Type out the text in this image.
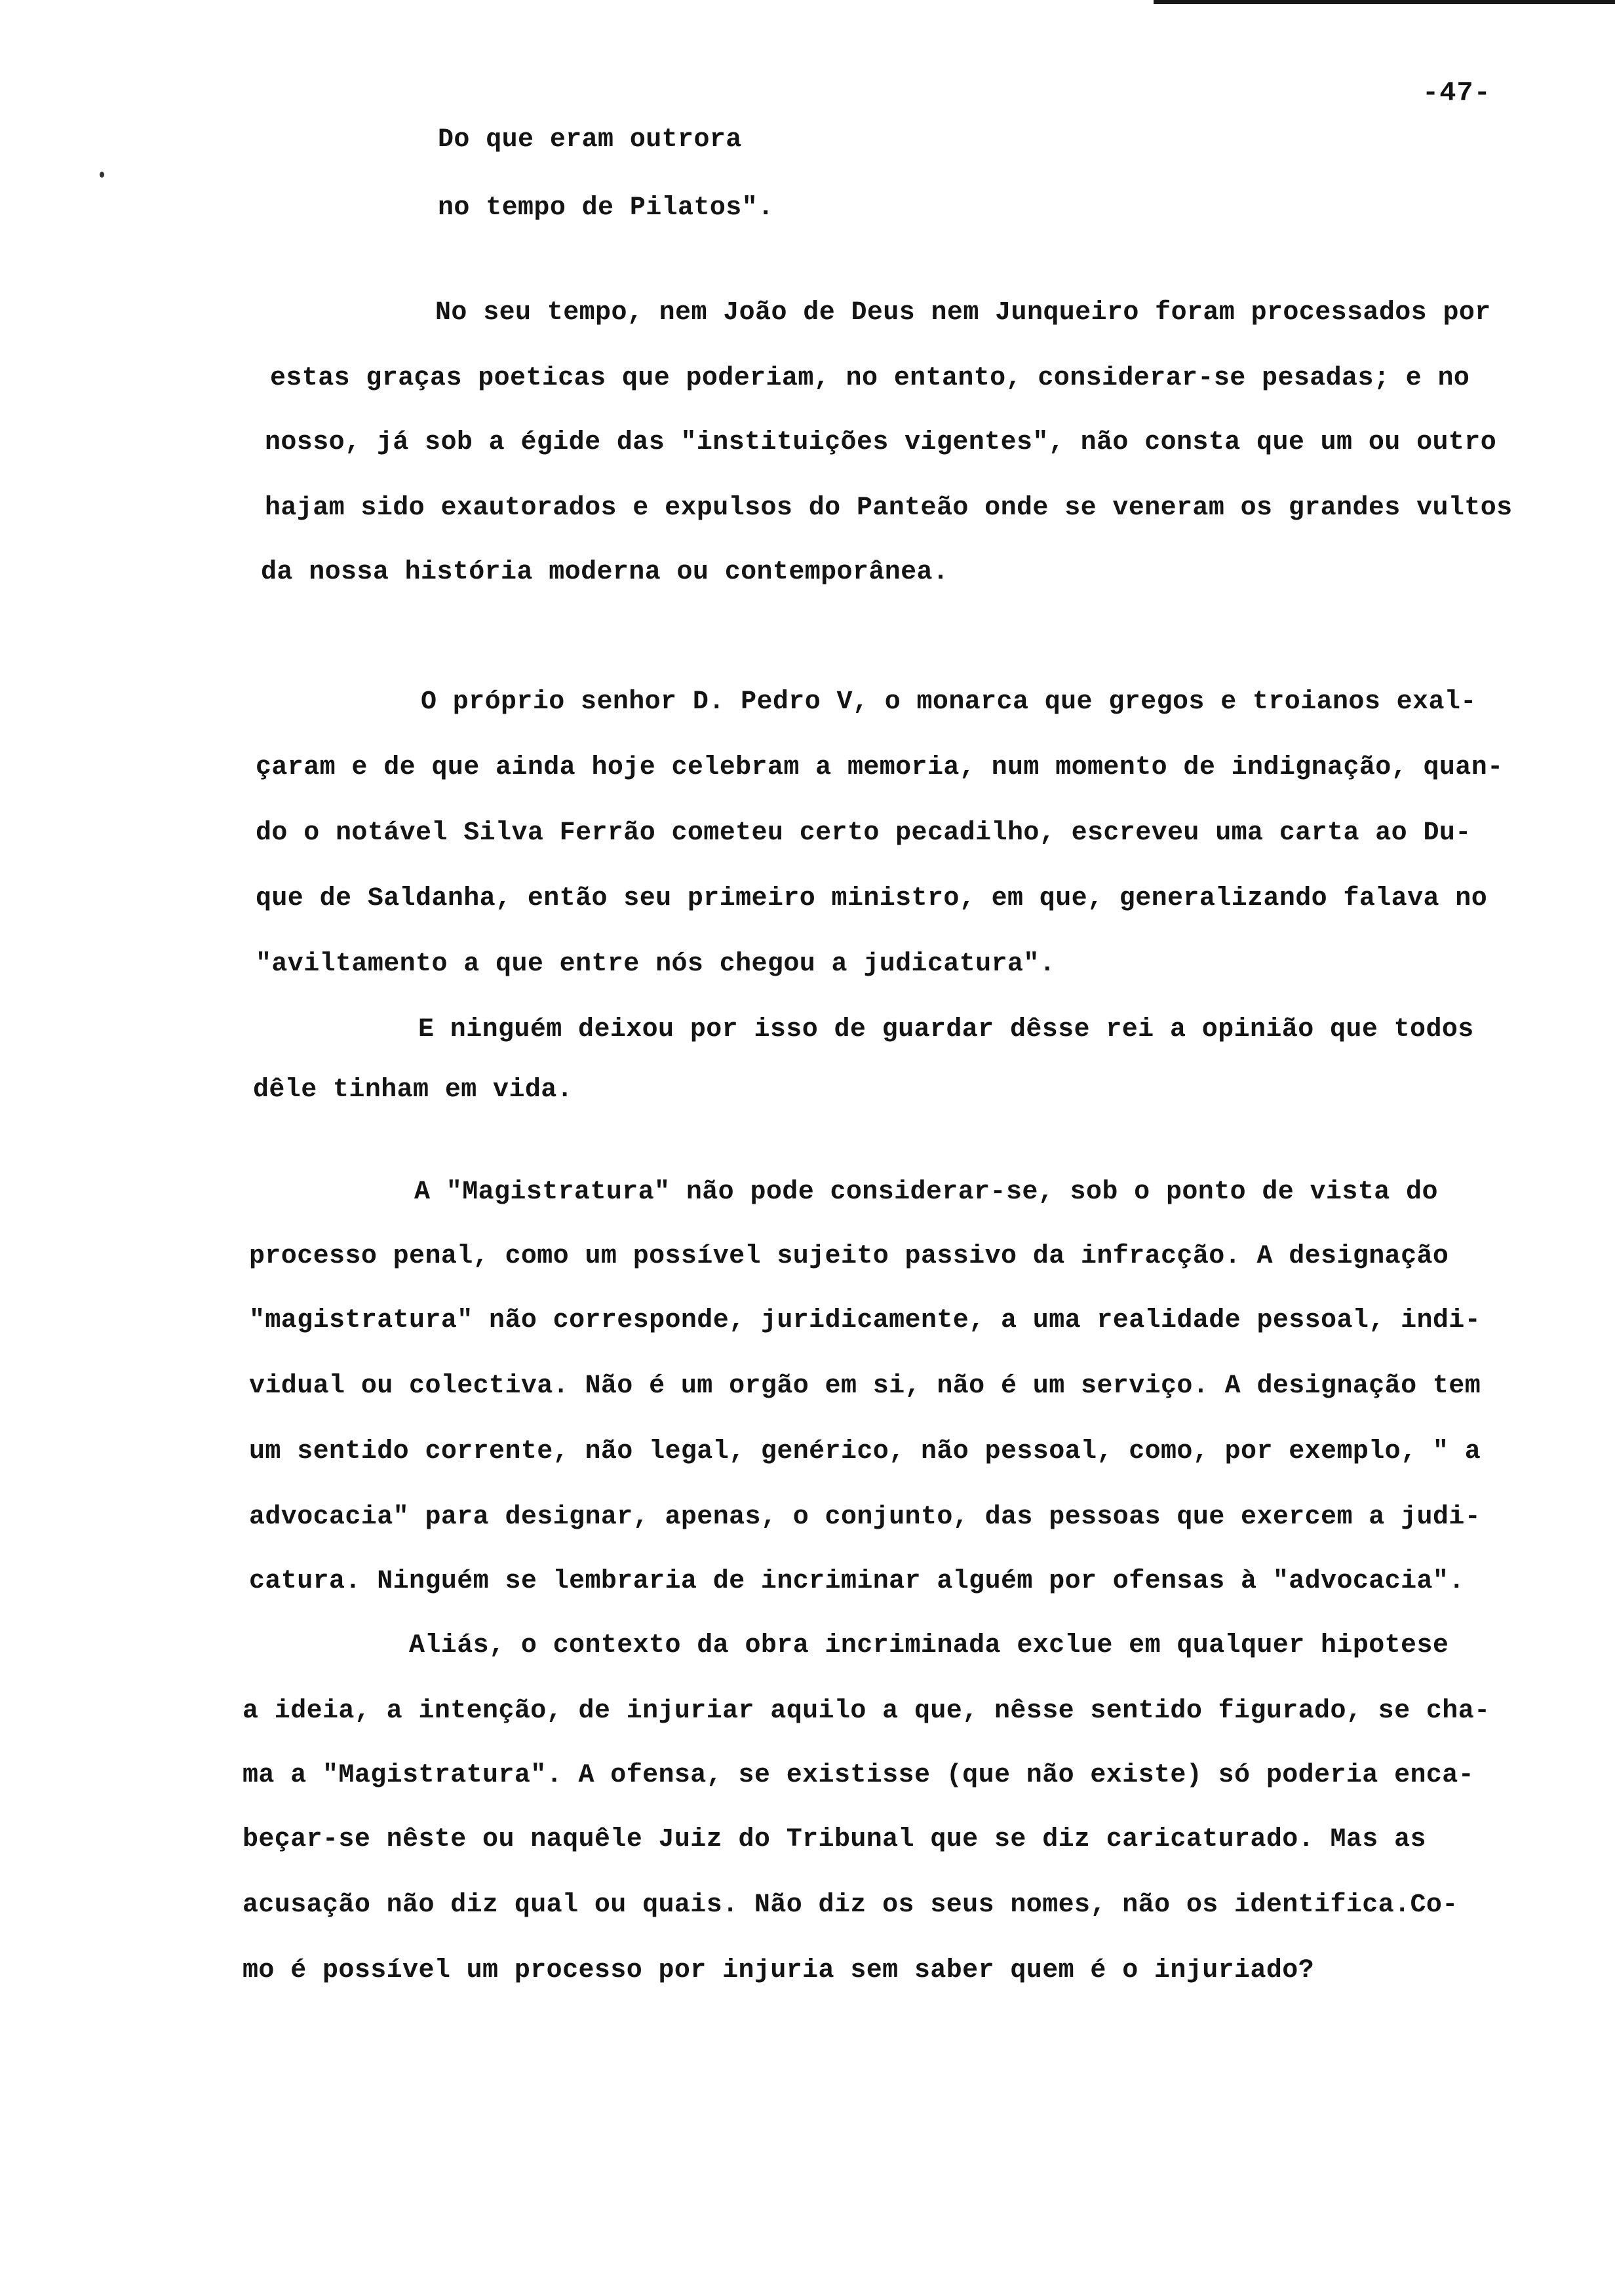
-47-
Do que eram outrora
no tempo de Pilatos".
No seu tempo, nem João de Deus nem Junqueiro foram processados por
estas graças poeticas que poderiam, no entanto, considerar-se pesadas; e no
nosso, já sob a égide das "instituições vigentes", não consta que um ou outro
hajam sido exautorados e expulsos do Panteão onde se veneram os grandes vultos
da nossa história moderna ou contemporânea.
O próprio senhor D. Pedro V, o monarca que gregos e troianos exal-
çaram e de que ainda hoje celebram a memoria, num momento de indignação, quan-
do o notável Silva Ferrão cometeu certo pecadilho, escreveu uma carta ao Du-
que de Saldanha, então seu primeiro ministro, em que, generalizando falava no
"aviltamento a que entre nós chegou a judicatura".
E ninguém deixou por isso de guardar dêsse rei a opinião que todos
dêle tinham em vida.
A "Magistratura" não pode considerar-se, sob o ponto de vista do
processo penal, como um possível sujeito passivo da infracção. A designação
"magistratura" não corresponde, juridicamente, a uma realidade pessoal, indi-
vidual ou colectiva. Não é um orgão em si, não é um serviço. A designação tem
um sentido corrente, não legal, genérico, não pessoal, como, por exemplo, " a
advocacia" para designar, apenas, o conjunto, das pessoas que exercem a judi-
catura. Ninguém se lembraria de incriminar alguém por ofensas à "advocacia".
Aliás, o contexto da obra incriminada exclue em qualquer hipotese
a ideia, a intenção, de injuriar aquilo a que, nêsse sentido figurado, se cha-
ma a "Magistratura". A ofensa, se existisse (que não existe) só poderia enca-
beçar-se nêste ou naquêle Juiz do Tribunal que se diz caricaturado. Mas as
acusação não diz qual ou quais. Não diz os seus nomes, não os identifica.Co-
mo é possível um processo por injuria sem saber quem é o injuriado?
